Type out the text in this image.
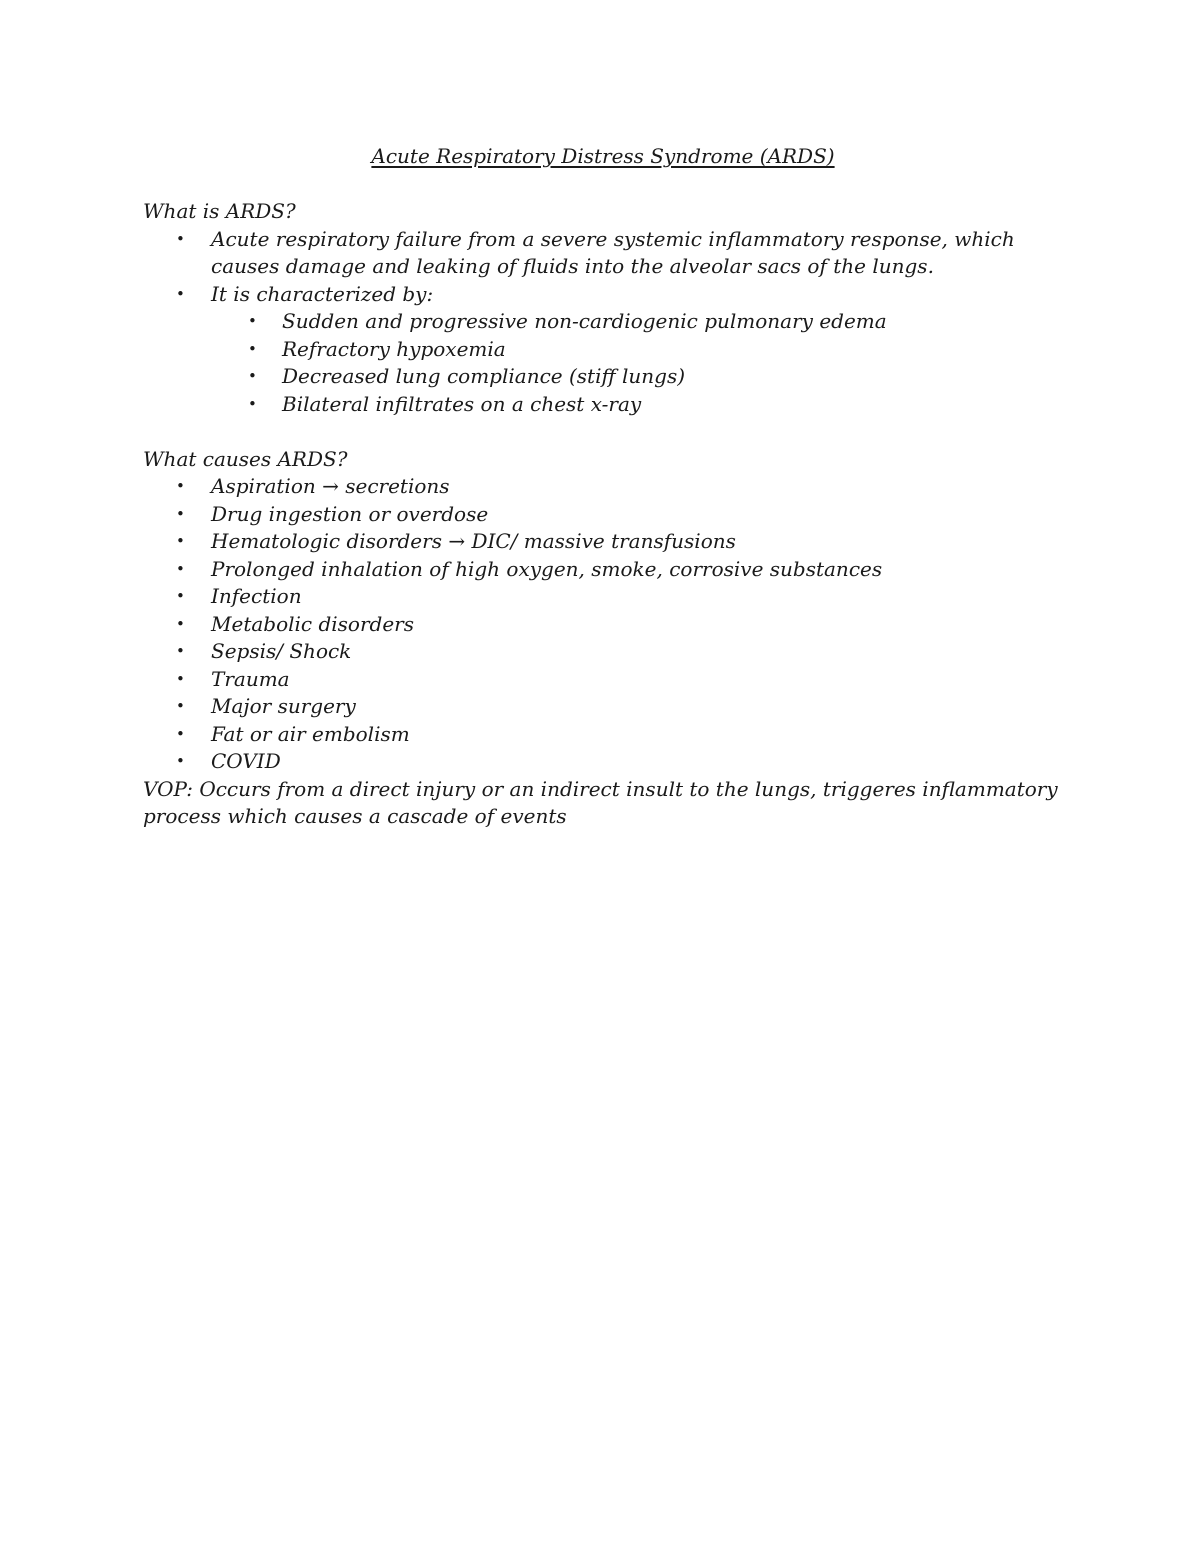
Acute Respiratory Distress Syndrome (ARDS)

What is ARDS?

• Acute respiratory failure from a severe systemic inflammatory response, which causes damage and leaking of fluids into the alveolar sacs of the lungs.
• It is characterized by:
• Sudden and progressive non-cardiogenic pulmonary edema
• Refractory hypoxemia
• Decreased lung compliance (stiff lungs)
• Bilateral infiltrates on a chest x-ray

What causes ARDS?

• Aspiration → secretions
• Drug ingestion or overdose
• Hematologic disorders → DIC/ massive transfusions
• Prolonged inhalation of high oxygen, smoke, corrosive substances
• Infection
• Metabolic disorders
• Sepsis/ Shock
• Trauma
• Major surgery
• Fat or air embolism
• COVID

VOP: Occurs from a direct injury or an indirect insult to the lungs, triggeres inflammatory process which causes a cascade of events
